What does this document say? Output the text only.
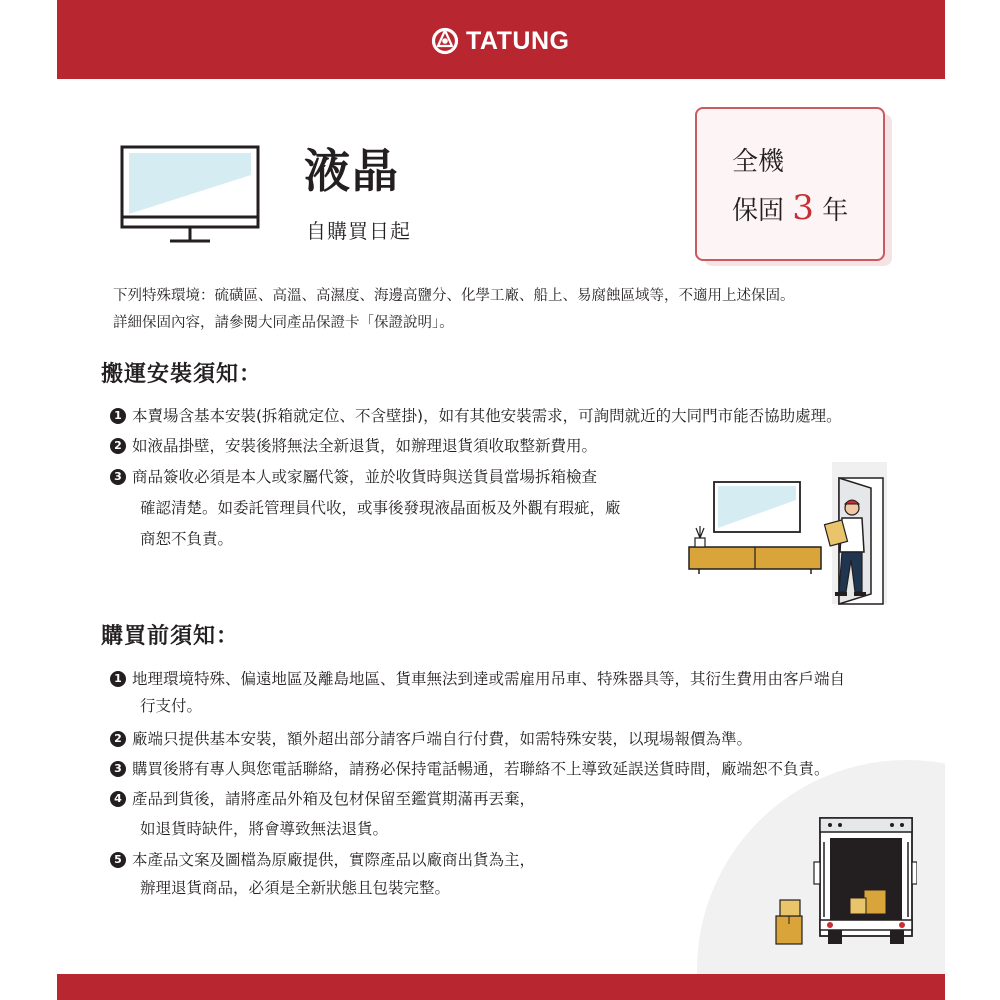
TATUNG
液晶
自購買日起
全機
保固 3 年
下列特殊環境：硫磺區、高溫、高濕度、海邊高鹽分、化學工廠、船上、易腐蝕區域等，不適用上述保固。
詳細保固內容，請參閱大同產品保證卡「保證說明」。
搬運安裝須知：
1 本賣場含基本安裝(拆箱就定位、不含壁掛)，如有其他安裝需求，可詢問就近的大同門市能否協助處理。
2 如液晶掛壁，安裝後將無法全新退貨，如辦理退貨須收取整新費用。
3 商品簽收必須是本人或家屬代簽，並於收貨時與送貨員當場拆箱檢查
確認清楚。如委託管理員代收，或事後發現液晶面板及外觀有瑕疵，廠
商恕不負責。
購買前須知：
1 地理環境特殊、偏遠地區及離島地區、貨車無法到達或需雇用吊車、特殊器具等，其衍生費用由客戶端自
行支付。
2 廠端只提供基本安裝，額外超出部分請客戶端自行付費，如需特殊安裝，以現場報價為準。
3 購買後將有專人與您電話聯絡，請務必保持電話暢通，若聯絡不上導致延誤送貨時間，廠端恕不負責。
4 產品到貨後，請將產品外箱及包材保留至鑑賞期滿再丟棄，
如退貨時缺件，將會導致無法退貨。
5 本產品文案及圖檔為原廠提供，實際產品以廠商出貨為主，
辦理退貨商品，必須是全新狀態且包裝完整。
